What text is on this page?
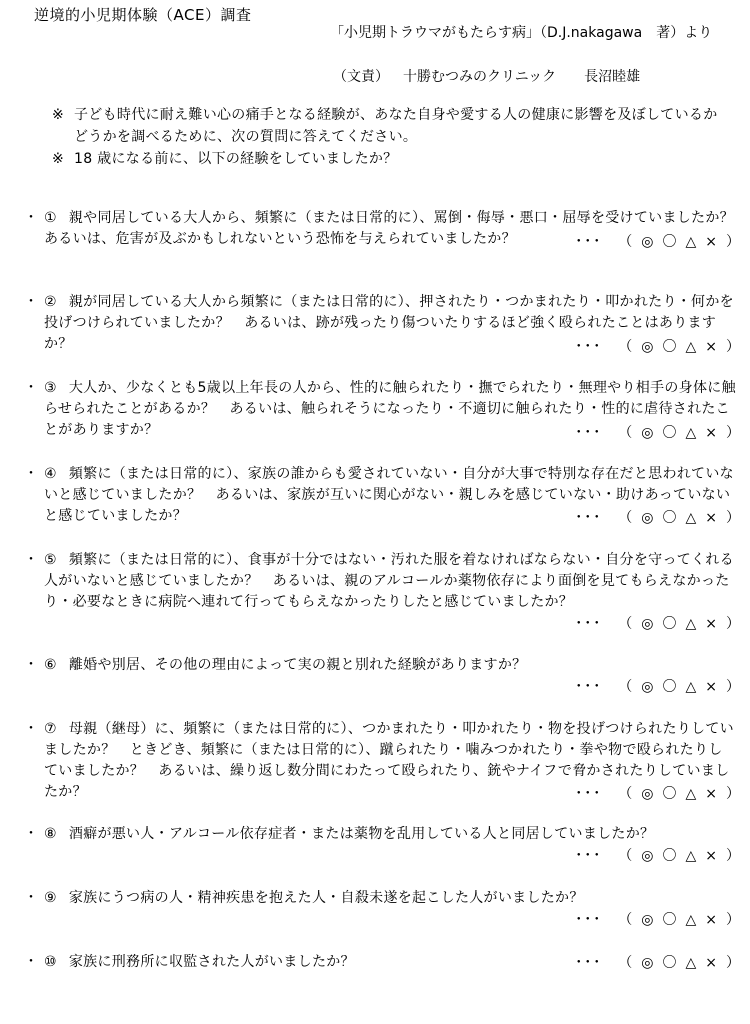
逆境的小児期体験（ACE）調査
「小児期トラウマがもたらす病」（D.J.nakagawa　著）より
（文責） 十勝むつみのクリニック 長沼睦雄
※ 子ども時代に耐え難い心の痛手となる経験が、あなた自身や愛する人の健康に影響を及ぼしているかどうかを調べるために、次の質問に答えてください。
※ 18 歳になる前に、以下の経験をしていましたか？
・ ① 親や同居している大人から、頻繁に（または日常的に）、罵倒・侮辱・悪口・屈辱を受けていましたか？あるいは、危害が及ぶかもしれないという恐怖を与えられていましたか？
・ ② 親が同居している大人から頻繁に（または日常的に）、押されたり・つかまれたり・叩かれたり・何かを投げつけられていましたか？　あるいは、跡が残ったり傷ついたりするほど強く殴られたことはありますか？
・ ③ 大人か、少なくとも5歳以上年長の人から、性的に触られたり・撫でられたり・無理やり相手の身体に触らせられたことがあるか？　あるいは、触られそうになったり・不適切に触られたり・性的に虐待されたことがありますか？
・ ④ 頻繁に（または日常的に）、家族の誰からも愛されていない・自分が大事で特別な存在だと思われていないと感じていましたか？　あるいは、家族が互いに関心がない・親しみを感じていない・助けあっていないと感じていましたか？
・ ⑤ 頻繁に（または日常的に）、食事が十分ではない・汚れた服を着なければならない・自分を守ってくれる人がいないと感じていましたか？　あるいは、親のアルコールか薬物依存により面倒を見てもらえなかったり・必要なときに病院へ連れて行ってもらえなかったりしたと感じていましたか？
・ ⑥ 離婚や別居、その他の理由によって実の親と別れた経験がありますか？
・ ⑦ 母親（継母）に、頻繁に（または日常的に）、つかまれたり・叩かれたり・物を投げつけられたりしていましたか？　ときどき、頻繁に（または日常的に）、蹴られたり・噛みつかれたり・拳や物で殴られたりしていましたか？　あるいは、繰り返し数分間にわたって殴られたり、銃やナイフで脅かされたりしていましたか？
・ ⑧ 酒癖が悪い人・アルコール依存症者・または薬物を乱用している人と同居していましたか？
・ ⑨ 家族にうつ病の人・精神疾患を抱えた人・自殺未遂を起こした人がいましたか？
・ ⑩ 家族に刑務所に収監された人がいましたか？
･･･ （ ◎ 〇 △ × ）
･･･ （ ◎ 〇 △ × ）
･･･ （ ◎ 〇 △ × ）
･･･ （ ◎ 〇 △ × ）
･･･ （ ◎ 〇 △ × ）
･･･ （ ◎ 〇 △ × ）
･･･ （ ◎ 〇 △ × ）
･･･ （ ◎ 〇 △ × ）
･･･ （ ◎ 〇 △ × ）
･･･ （ ◎ 〇 △ × ）
